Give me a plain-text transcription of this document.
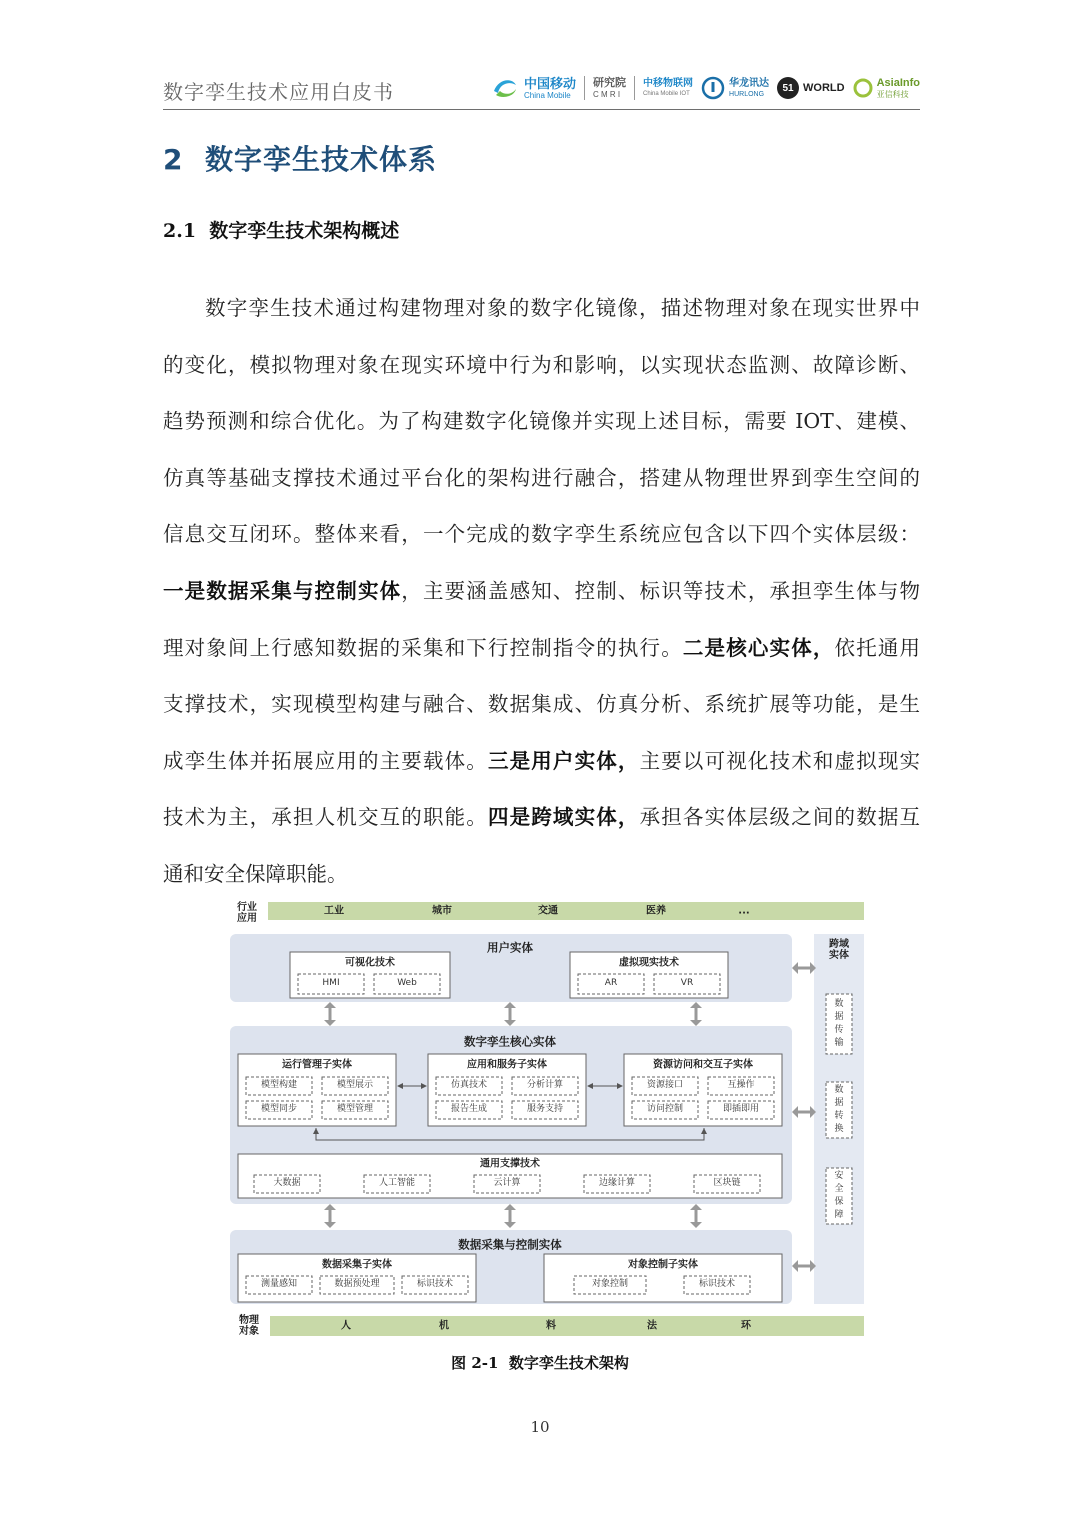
数字孪生技术应用白皮书	中国移动
China Mobile
研究院
C M R I
中移物联网
China Mobile IOT
华龙讯达
HURLONG
51 WORLD	AsiaInfo
亚信科技
2 数字孪生技术体系
2.1 数字孪生技术架构概述
数字孪生技术通过构建物理对象的数字化镜像，描述物理对象在现实世界中
的变化，模拟物理对象在现实环境中行为和影响，以实现状态监测、故障诊断、
趋势预测和综合优化。为了构建数字化镜像并实现上述目标，需要 IOT、建模、
仿真等基础支撑技术通过平台化的架构进行融合，搭建从物理世界到孪生空间的
信息交互闭环。整体来看，一个完成的数字孪生系统应包含以下四个实体层级：
一是数据采集与控制实体，主要涵盖感知、控制、标识等技术，承担孪生体与物
理对象间上行感知数据的采集和下行控制指令的执行。二是核心实体，依托通用
支撑技术，实现模型构建与融合、数据集成、仿真分析、系统扩展等功能，是生
成孪生体并拓展应用的主要载体。三是用户实体，主要以可视化技术和虚拟现实
技术为主，承担人机交互的职能。四是跨域实体，承担各实体层级之间的数据互
通和安全保障职能。
行业
应用
工业	城市	交通	医养	...
用户实体
可视化技术
HMI	Web
虚拟现实技术
AR	VR
数字孪生核心实体
运行管理子实体
模型构建	模型展示
模型同步	模型管理
应用和服务子实体
仿真技术	分析计算
报告生成	服务支持
资源访问和交互子实体
资源接口	互操作
访问控制	即插即用
通用支撑技术
大数据	人工智能	云计算	边缘计算	区块链
数据采集与控制实体
数据采集子实体
测量感知	数据预处理	标识技术
对象控制子实体
对象控制	标识技术
跨域
实体
数据传输
数据转换
安全保障
物理
对象	人	机	料	法	环
图 2-1 数字孪生技术架构
10
